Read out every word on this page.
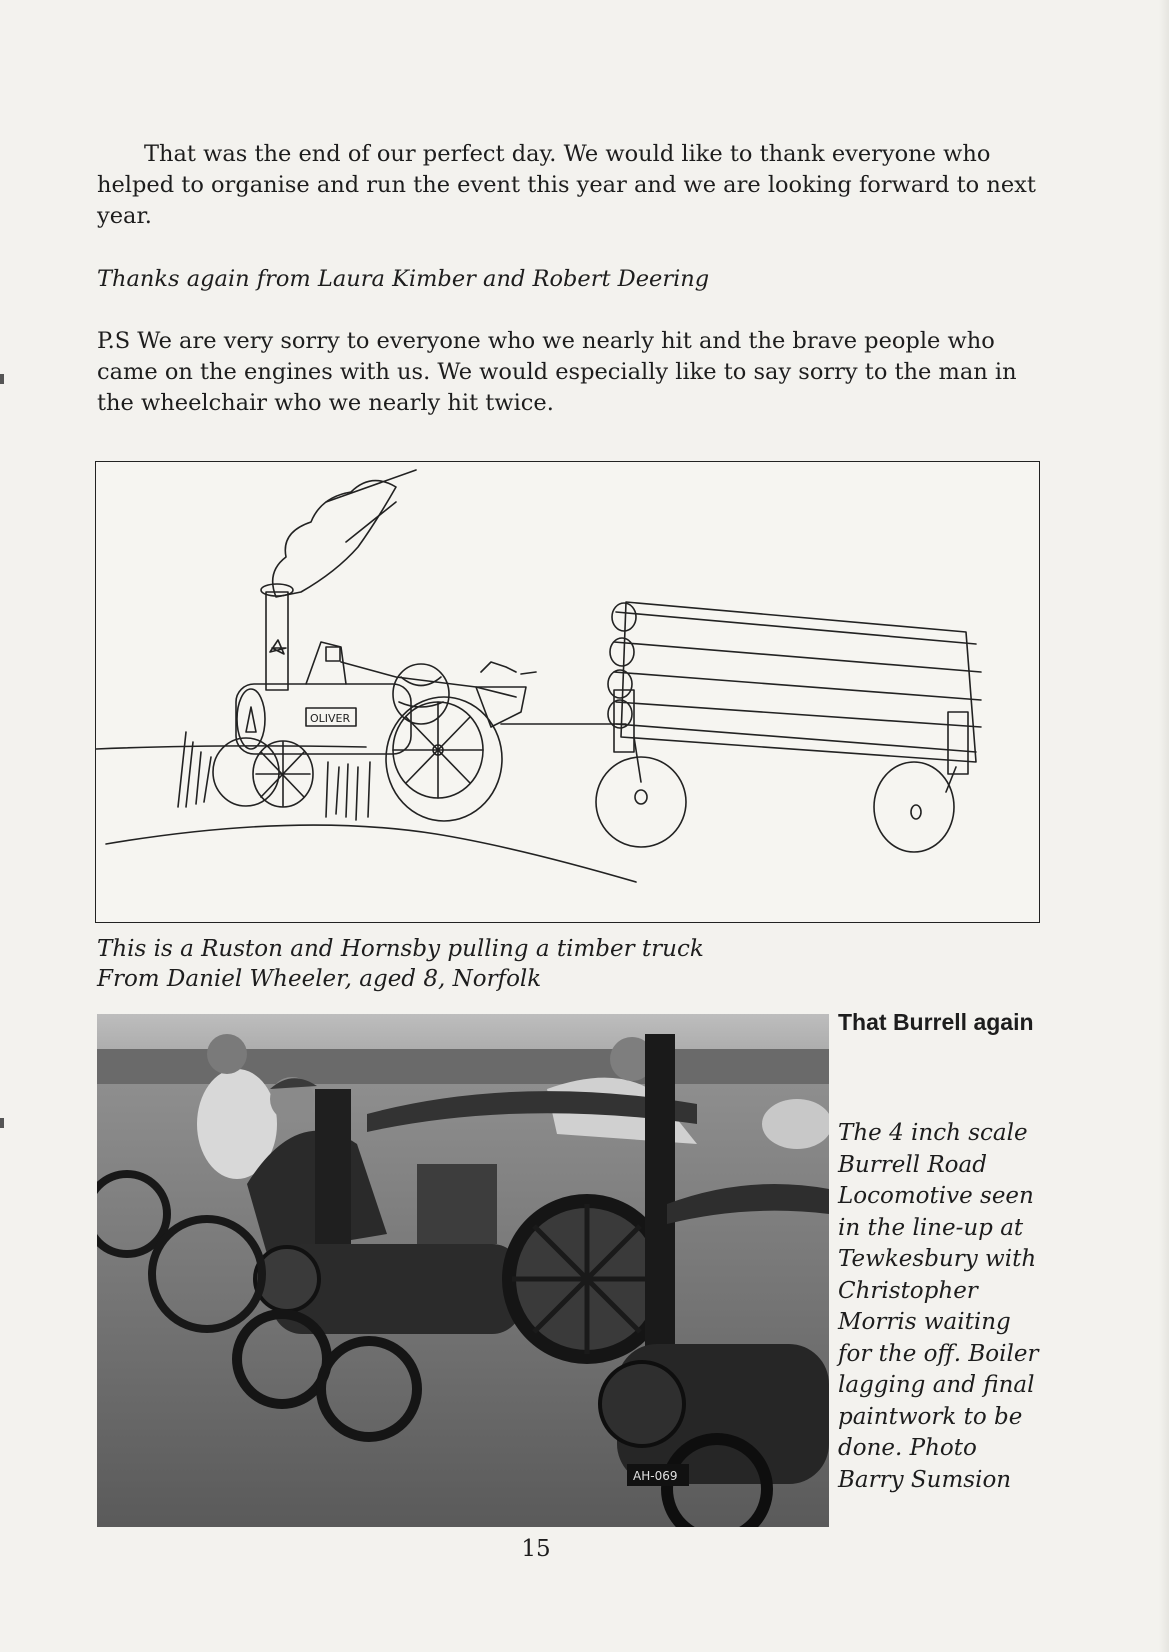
That was the end of our perfect day. We would like to thank everyone who helped to organise and run the event this year and we are looking forward to next year.

Thanks again from Laura Kimber and Robert Deering

P.S We are very sorry to everyone who we nearly hit and the brave people who came on the engines with us. We would especially like to say sorry to the man in the wheelchair who we nearly hit twice.

OLIVER

This is a Ruston and Hornsby pulling a timber truck
From Daniel Wheeler, aged 8, Norfolk

AH-069

That Burrell again

The 4 inch scale Burrell Road Locomotive seen in the line-up at Tewkesbury with Christopher Morris waiting for the off. Boiler lagging and final paintwork to be done. Photo Barry Sumsion

15
